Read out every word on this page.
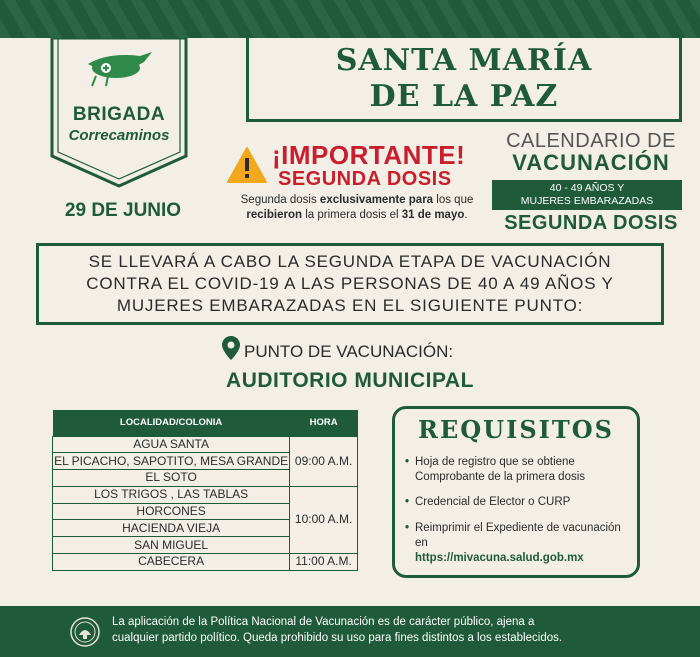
BRIGADA
Correcaminos
29 DE JUNIO
SANTA MARÍA
DE LA PAZ
¡IMPORTANTE!
SEGUNDA DOSIS
Segunda dosis exclusivamente para los que recibieron la primera dosis el 31 de mayo.
CALENDARIO DE
VACUNACIÓN
40 - 49 AÑOS Y
MUJERES EMBARAZADAS
SEGUNDA DOSIS
SE LLEVARÁ A CABO LA SEGUNDA ETAPA DE VACUNACIÓN
CONTRA EL COVID-19 A LAS PERSONAS DE 40 A 49 AÑOS Y
MUJERES EMBARAZADAS EN EL SIGUIENTE PUNTO:
PUNTO DE VACUNACIÓN:
AUDITORIO MUNICIPAL
LOCALIDAD/COLONIA	HORA
AGUA SANTA	09:00 A.M.
EL PICACHO, SAPOTITO, MESA GRANDE	
EL SOTO	
LOS TRIGOS , LAS TABLAS	10:00 A.M.
HORCONES	
HACIENDA VIEJA	
SAN MIGUEL	
CABECERA	11:00 A.M.
REQUISITOS
• Hoja de registro que se obtiene Comprobante de la primera dosis
• Credencial de Elector o CURP
• Reimprimir el Expediente de vacunación en
https://mivacuna.salud.gob.mx
La aplicación de la Política Nacional de Vacunación es de carácter público, ajena a
cualquier partido político. Queda prohibido su uso para fines distintos a los establecidos.
